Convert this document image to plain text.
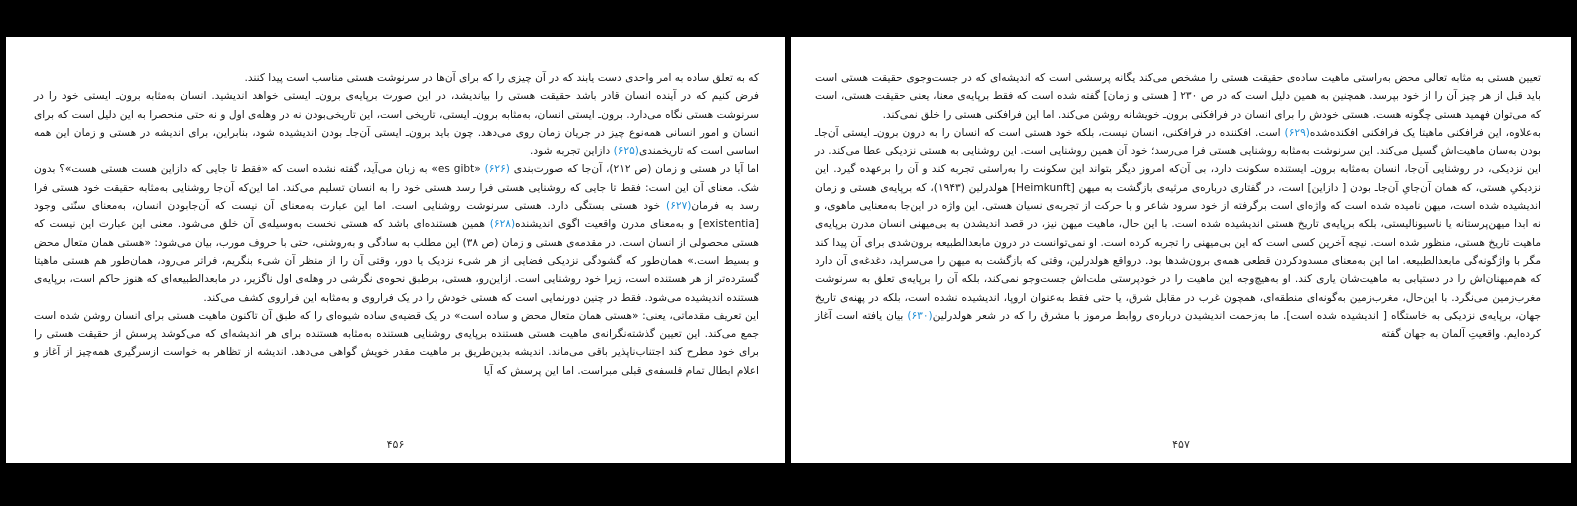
که به تعلق ساده به امر واحدی دست یابند که در آن چیزی را که برای آن‌ها در سرنوشت هستی مناسب است پیدا کنند.

فرض کنیم که در آینده انسان قادر باشد حقیقت هستی را بیاندیشد، در این صورت برپایه‌ی برون‌ـ ایستی خواهد اندیشید. انسان به‌مثابه برون‌ـ ایستی خود را در سرنوشت هستی نگاه می‌دارد. برون‌ـ ایستی انسان، به‌مثابه برون‌ـ ایستی، تاریخی است، این تاریخی‌بودن نه در وهله‌ی اول و نه حتی منحصرا به این دلیل است که برای انسان و امور انسانی همه‌نوع چیز در جریان زمان روی می‌دهد. چون باید برون‌ـ ایستی آن‌جاـ بودن اندیشیده شود، بنابراین، برای اندیشه در هستی و زمان این همه اساسی است که تاریخمندی(۶۲۵) دازاین تجربه شود.

اما آیا در هستی و زمان (ص ۲۱۲)، آن‌جا که صورت‌بندی (۶۲۶) «es gibt» به زبان می‌آید، گفته نشده است که «فقط تا جایی که دازاین هست هستی هست»؟ بدون شک. معنای آن این است: فقط تا جایی که روشنایی هستی فرا رسد هستی خود را به انسان تسلیم می‌کند. اما این‌که آن‌جا روشنایی به‌مثابه حقیقت خود هستی فرا رسد به فرمان(۶۲۷) خود هستی بستگی دارد. هستی سرنوشت روشنایی است. اما این عبارت به‌معنای آن نیست که آن‌جابودن انسان، به‌معنای سنّتی وجود [existentia] و به‌معنای مدرن واقعیت اگوی اندیشنده(۶۲۸) همین هستنده‌ای باشد که هستی نخست به‌وسیله‌ی آن خلق می‌شود. معنی این عبارت این نیست که هستی محصولی از انسان است. در مقدمه‌ی هستی و زمان (ص ۳۸) این مطلب به سادگی و به‌روشنی، حتی با حروف مورب، بیان می‌شود: «هستی همان متعال محض و بسیط است.» همان‌طور که گشودگی نزدیکی فضایی از هر شیء نزدیک یا دور، وقتی آن را از منظر آن شیء بنگریم، فراتر می‌رود، همان‌طور هم هستی ماهیتا گسترده‌تر از هر هستنده است، زیرا خود روشنایی است. ازاین‌رو، هستی، برطبق نحوه‌ی نگرشی در وهله‌ی اول ناگزیر، در مابعدالطبیعه‌ای که هنوز حاکم است، برپایه‌ی هستنده اندیشیده می‌شود. فقط در چنین دورنمایی است که هستی خودش را در یک فراروی و به‌مثابه این فراروی کشف می‌کند.

این تعریف مقدماتی، یعنی: «هستی همان متعال محض و ساده است» در یک قضیه‌ی ساده شیوه‌ای را که طبق آن تاکنون ماهیت هستی برای انسان روشن شده است جمع می‌کند. این تعیین گذشته‌نگرانه‌ی ماهیت هستی هستنده برپایه‌ی روشنایی هستنده به‌مثابه هستنده برای هر اندیشه‌ای که می‌کوشد پرسش از حقیقت هستی را برای خود مطرح کند اجتناب‌ناپذیر باقی می‌ماند. اندیشه بدین‌طریق بر ماهیت مقدر خویش گواهی می‌دهد. اندیشه از تظاهر به خواست ازسرگیری همه‌چیز از آغاز و اعلام ابطال تمام فلسفه‌ی قبلی مبراست. اما این پرسش که آیا

۴۵۶

تعیین هستی به مثابه تعالی محض به‌راستی ماهیت ساده‌ی حقیقت هستی را مشخص می‌کند یگانه پرسشی است که اندیشه‌ای که در جست‌وجوی حقیقت هستی است باید قبل از هر چیز آن را از خود بپرسد. همچنین به همین دلیل است که در ص ۲۳۰ [ هستی و زمان] گفته شده است که فقط برپایه‌ی معنا، یعنی حقیقت هستی، است که می‌توان فهمید هستی چگونه هست. هستی خودش را برای انسان در فرافکنی برون‌ـ خویشانه روشن می‌کند. اما این فرافکنی هستی را خلق نمی‌کند.

به‌علاوه، این فرافکنی ماهیتا یک فرافکنی افکنده‌شده(۶۲۹) است. افکننده در فرافکنی، انسان نیست، بلکه خود هستی است که انسان را به درون برون‌ـ ایستی آن‌جاـ بودن به‌سان ماهیت‌اش گسیل می‌کند. این سرنوشت به‌مثابه روشنایی هستی فرا می‌رسد؛ خود آن همین روشنایی است. این روشنایی به هستی نزدیکی عطا می‌کند. در این نزدیکی، در روشنایی آن‌جا، انسان به‌مثابه برون‌ـ ایستنده سکونت دارد، بی آن‌که امروز دیگر بتواند این سکونت را به‌راستی تجربه کند و آن را برعهده گیرد. این نزدیکیِ هستی، که همان آن‌جایِ آن‌جاـ بودن [ دازاین] است، در گفتاری درباره‌ی مرثیه‌ی بازگشت به میهن [Heimkunft] هولدرلین (۱۹۴۳)، که برپایه‌ی هستی و زمان اندیشیده شده است، میهن نامیده شده است که واژه‌ای است برگرفته از خود سرود شاعر و با حرکت از تجربه‌ی نسیان هستی. این واژه در این‌جا به‌معنایی ماهوی، و نه ابدا میهن‌پرستانه یا ناسیونالیستی، بلکه برپایه‌ی تاریخ هستی اندیشیده شده است. با این حال، ماهیت میهن نیز، در قصد اندیشدن به بی‌میهنی انسان مدرن برپایه‌ی ماهیت تاریخ هستی، منظور شده است. نیچه آخرین کسی است که این بی‌میهنی را تجربه کرده است. او نمی‌توانست در درون مابعدالطبیعه برون‌شدی برای آن پیدا کند مگر با واژگونه‌گی مابعدالطبیعه. اما این به‌معنای مسدودکردن قطعی همه‌ی برون‌شدها بود. درواقع هولدرلین، وقتی که بازگشت به میهن را می‌سراید، دغدغه‌ی آن دارد که هم‌میهنان‌اش را در دستیابی به ماهیت‌شان یاری کند. او به‌هیچ‌وجه این ماهیت را در خودپرستی ملت‌اش جست‌وجو نمی‌کند، بلکه آن را برپایه‌ی تعلق به سرنوشت مغرب‌زمین می‌نگرد. با این‌حال، مغرب‌زمین به‌گونه‌ای منطقه‌ای، همچون غرب در مقابل شرق، یا حتی فقط به‌عنوان اروپا، اندیشیده نشده است، بلکه در پهنه‌ی تاریخ جهان، برپایه‌ی نزدیکی به خاستگاه [ اندیشیده شده است]. ما به‌زحمت اندیشیدن درباره‌ی روابط مرموز با مشرق را که در شعر هولدرلین(۶۳۰) بیان یافته است آغاز کرده‌ایم. واقعیتِ آلمان به جهان گفته

۴۵۷
